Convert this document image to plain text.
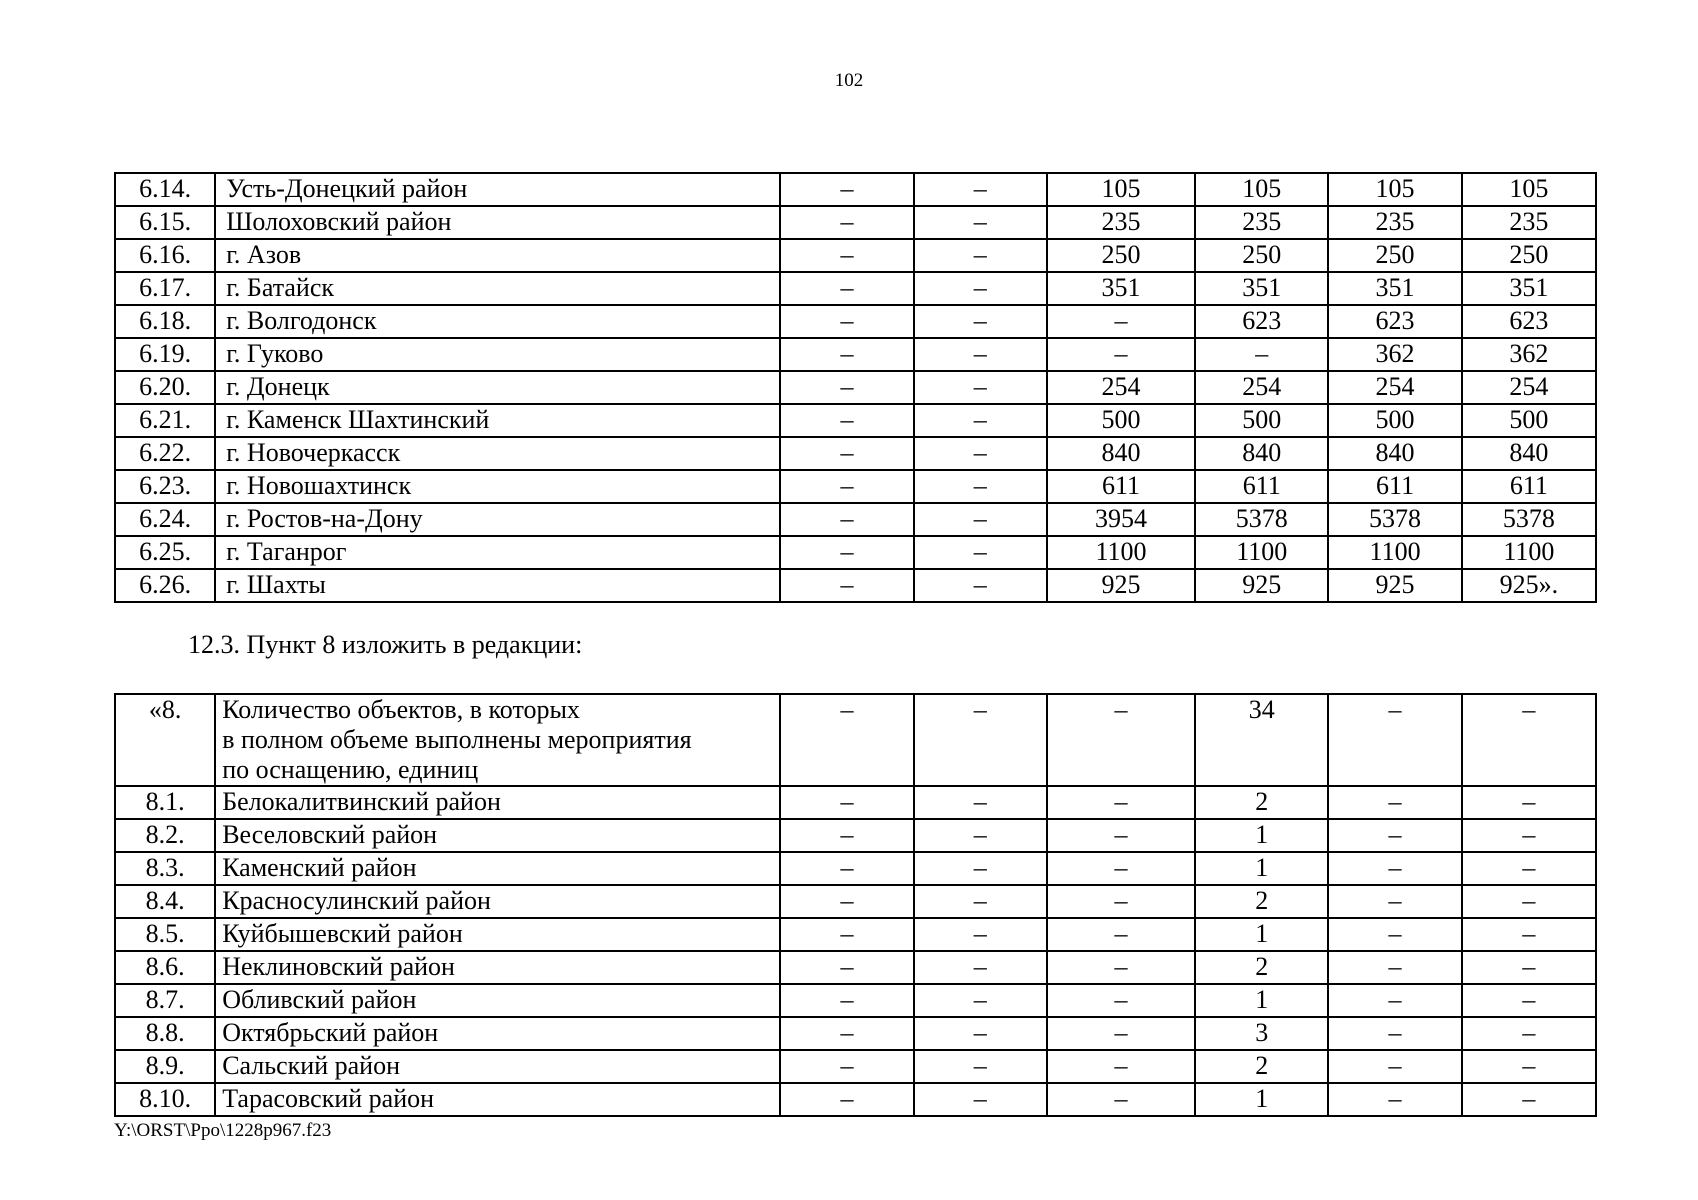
102
6.14.	Усть-Донецкий район	–	–	105	105	105	105
6.15.	Шолоховский район	–	–	235	235	235	235
6.16.	г. Азов	–	–	250	250	250	250
6.17.	г. Батайск	–	–	351	351	351	351
6.18.	г. Волгодонск	–	–	–	623	623	623
6.19.	г. Гуково	–	–	–	–	362	362
6.20.	г. Донецк	–	–	254	254	254	254
6.21.	г. Каменск Шахтинский	–	–	500	500	500	500
6.22.	г. Новочеркасск	–	–	840	840	840	840
6.23.	г. Новошахтинск	–	–	611	611	611	611
6.24.	г. Ростов-на-Дону	–	–	3954	5378	5378	5378
6.25.	г. Таганрог	–	–	1100	1100	1100	1100
6.26.	г. Шахты	–	–	925	925	925	925».
12.3. Пункт 8 изложить в редакции:
«8.	Количество объектов, в которых
в полном объеме выполнены мероприятия
по оснащению, единиц	–	–	–	34	–	–
8.1.	Белокалитвинский район	–	–	–	2	–	–
8.2.	Веселовский район	–	–	–	1	–	–
8.3.	Каменский район	–	–	–	1	–	–
8.4.	Красносулинский район	–	–	–	2	–	–
8.5.	Куйбышевский район	–	–	–	1	–	–
8.6.	Неклиновский район	–	–	–	2	–	–
8.7.	Обливский район	–	–	–	1	–	–
8.8.	Октябрьский район	–	–	–	3	–	–
8.9.	Сальский район	–	–	–	2	–	–
8.10.	Тарасовский район	–	–	–	1	–	–
Y:\ORST\Ppo\1228p967.f23
